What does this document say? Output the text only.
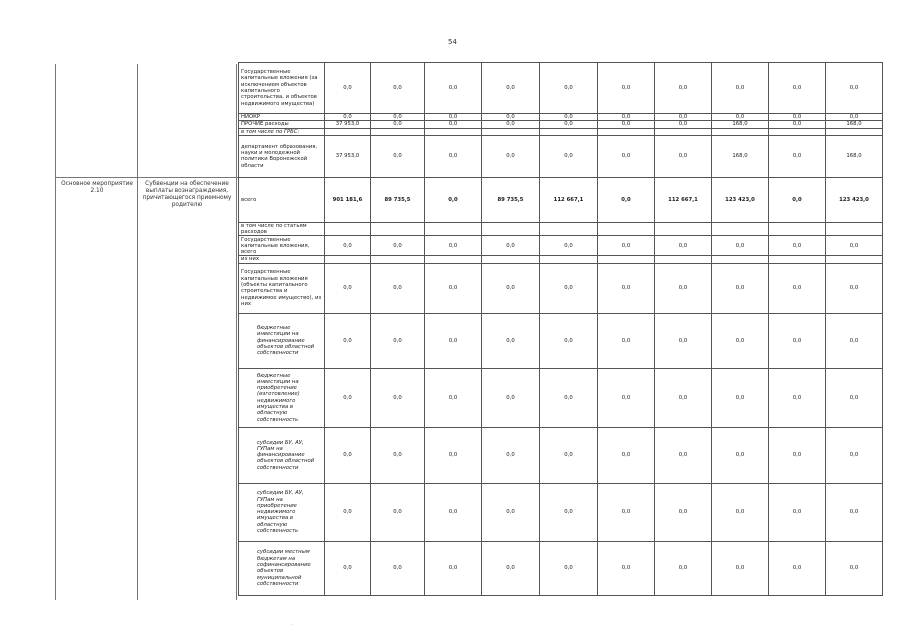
54
Основное мероприятие 2.10
Субвенции на обеспечение выплаты вознаграждения, причитающегося приемному родителю
Государственные капитальные вложения (за исключением объектов капитального строительства, и объектов недвижимого имущества)	0,0	0,0	0,0	0,0	0,0	0,0	0,0	0,0	0,0	0,0
НИОКР	0,0	0,0	0,0	0,0	0,0	0,0	0,0	0,0	0,0	0,0
ПРОЧИЕ расходы	37 953,0	0,0	0,0	0,0	0,0	0,0	0,0	168,0	0,0	168,0
в том числе по ГРБС:										
департамент образования, науки и молодежной политики Воронежской области	37 953,0	0,0	0,0	0,0	0,0	0,0	0,0	168,0	0,0	168,0
всего	901 181,6	89 735,5	0,0	89 735,5	112 667,1	0,0	112 667,1	123 423,0	0,0	123 423,0
в том числе по статьям расходов										
Государственные капитальные вложения, всего	0,0	0,0	0,0	0,0	0,0	0,0	0,0	0,0	0,0	0,0
из них										
Государственные капитальные вложения (объекты капитального строительства и недвижимое имущество), из них	0,0	0,0	0,0	0,0	0,0	0,0	0,0	0,0	0,0	0,0
бюджетные инвестиции на финансирование объектов областной собственности	0,0	0,0	0,0	0,0	0,0	0,0	0,0	0,0	0,0	0,0
бюджетные инвестиции на приобретение (изготовление) недвижимого имущества в областную собственность	0,0	0,0	0,0	0,0	0,0	0,0	0,0	0,0	0,0	0,0
субсидии БУ, АУ, ГУПам на финансирование объектов областной собственности	0,0	0,0	0,0	0,0	0,0	0,0	0,0	0,0	0,0	0,0
субсидии БУ, АУ, ГУПам на приобретение недвижимого имущества в областную собственность	0,0	0,0	0,0	0,0	0,0	0,0	0,0	0,0	0,0	0,0
субсидии местным бюджетам на софинансирование объектов муниципальной собственности	0,0	0,0	0,0	0,0	0,0	0,0	0,0	0,0	0,0	0,0
·
